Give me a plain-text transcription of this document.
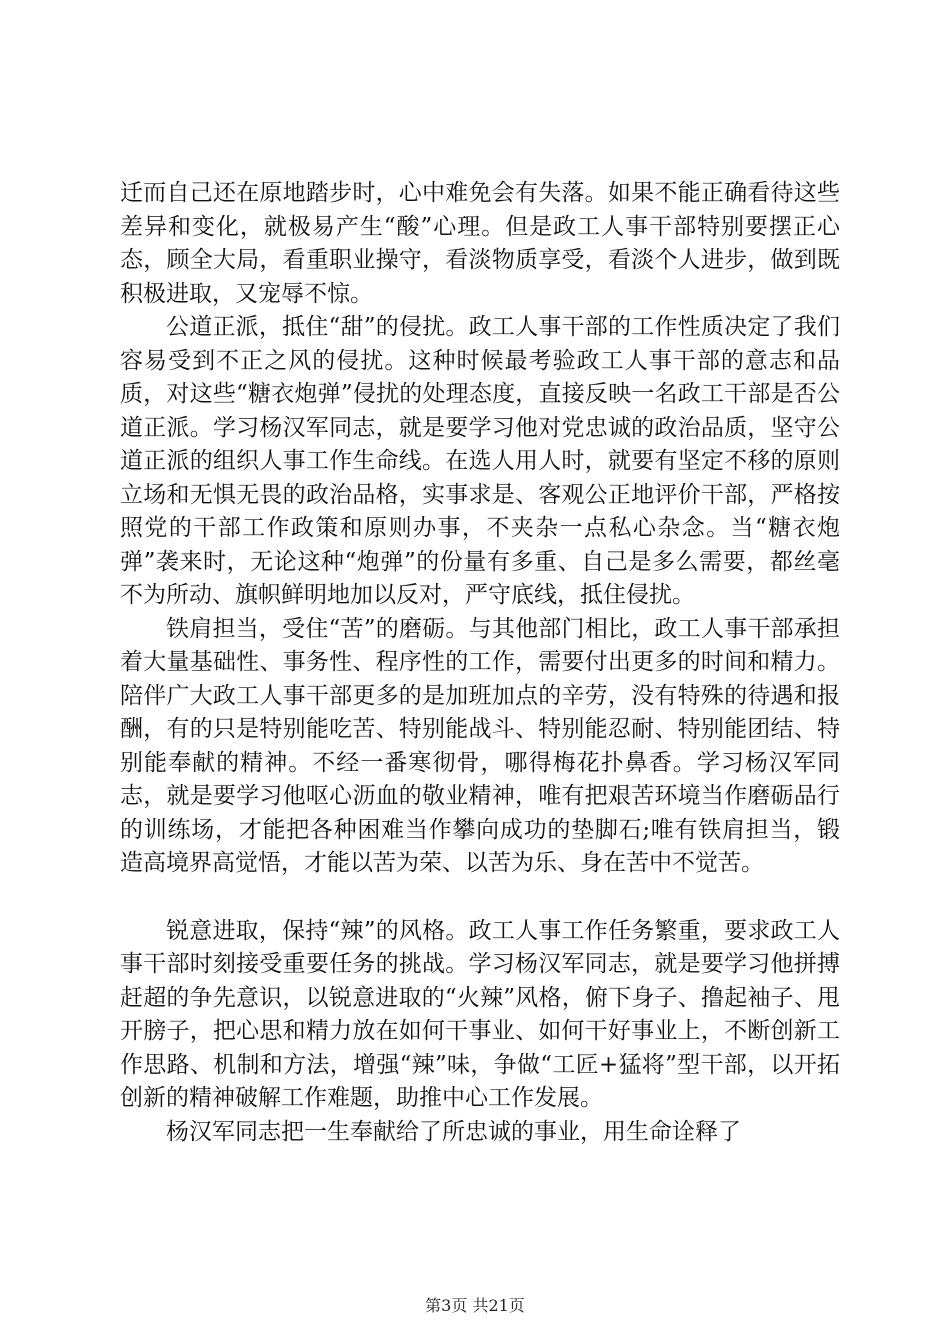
迁而自己还在原地踏步时，心中难免会有失落。如果不能正确看待这些差异和变化，就极易产生“酸”心理。但是政工人事干部特别要摆正心态，顾全大局，看重职业操守，看淡物质享受，看淡个人进步，做到既积极进取，又宠辱不惊。

公道正派，抵住“甜”的侵扰。政工人事干部的工作性质决定了我们容易受到不正之风的侵扰。这种时候最考验政工人事干部的意志和品质，对这些“糖衣炮弹”侵扰的处理态度，直接反映一名政工干部是否公道正派。学习杨汉军同志，就是要学习他对党忠诚的政治品质，坚守公道正派的组织人事工作生命线。在选人用人时，就要有坚定不移的原则立场和无惧无畏的政治品格，实事求是、客观公正地评价干部，严格按照党的干部工作政策和原则办事，不夹杂一点私心杂念。当“糖衣炮弹”袭来时，无论这种“炮弹”的份量有多重、自己是多么需要，都丝毫不为所动、旗帜鲜明地加以反对，严守底线，抵住侵扰。

铁肩担当，受住“苦”的磨砺。与其他部门相比，政工人事干部承担着大量基础性、事务性、程序性的工作，需要付出更多的时间和精力。陪伴广大政工人事干部更多的是加班加点的辛劳，没有特殊的待遇和报酬，有的只是特别能吃苦、特别能战斗、特别能忍耐、特别能团结、特别能奉献的精神。不经一番寒彻骨，哪得梅花扑鼻香。学习杨汉军同志，就是要学习他呕心沥血的敬业精神，唯有把艰苦环境当作磨砺品行的训练场，才能把各种困难当作攀向成功的垫脚石;唯有铁肩担当，锻造高境界高觉悟，才能以苦为荣、以苦为乐、身在苦中不觉苦。

锐意进取，保持“辣”的风格。政工人事工作任务繁重，要求政工人事干部时刻接受重要任务的挑战。学习杨汉军同志，就是要学习他拼搏赶超的争先意识，以锐意进取的“火辣”风格，俯下身子、撸起袖子、甩开膀子，把心思和精力放在如何干事业、如何干好事业上，不断创新工作思路、机制和方法，增强“辣”味，争做“工匠+猛将”型干部，以开拓创新的精神破解工作难题，助推中心工作发展。

杨汉军同志把一生奉献给了所忠诚的事业，用生命诠释了

第3页 共21页
